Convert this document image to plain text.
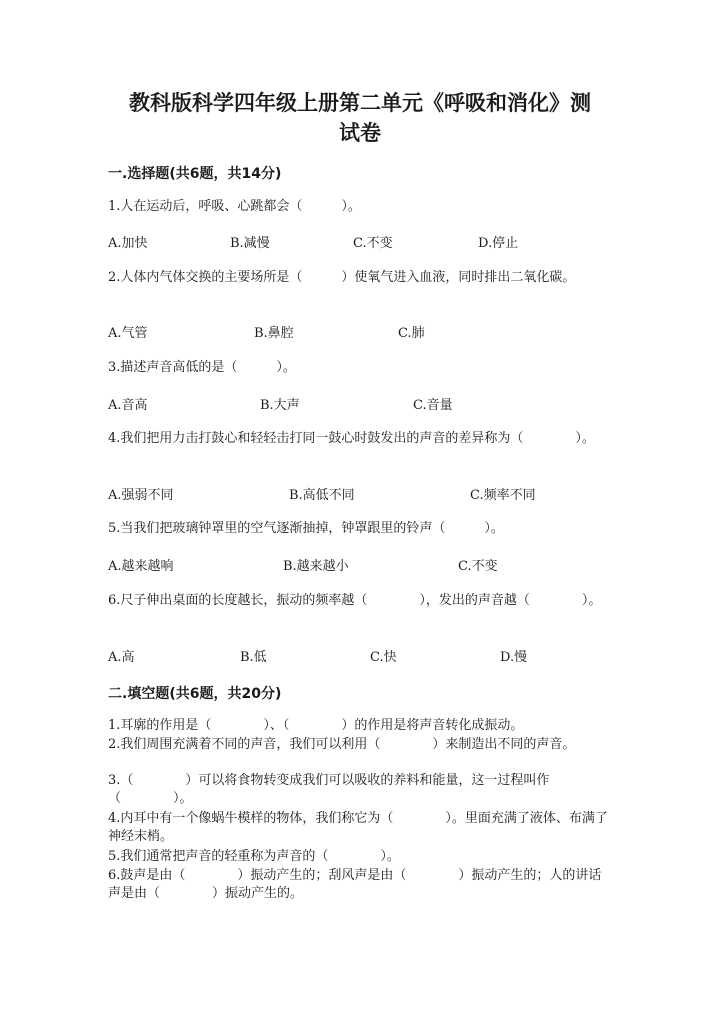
教科版科学四年级上册第二单元《呼吸和消化》测
试卷
一.选择题(共6题，共14分)
1.人在运动后，呼吸、心跳都会（　　　）。
A.加快	B.减慢	C.不变	D.停止
2.人体内气体交换的主要场所是（　　　）使氧气进入血液，同时排出二氧化碳。
A.气管	B.鼻腔	C.肺
3.描述声音高低的是（　　　）。
A.音高	B.大声	C.音量
4.我们把用力击打鼓心和轻轻击打同一鼓心时鼓发出的声音的差异称为（　　　　）。
A.强弱不同	B.高低不同	C.频率不同
5.当我们把玻璃钟罩里的空气逐渐抽掉，钟罩跟里的铃声（　　　）。
A.越来越响	B.越来越小	C.不变
6.尺子伸出桌面的长度越长，振动的频率越（　　　　），发出的声音越（　　　　）。
A.高	B.低	C.快	D.慢
二.填空题(共6题，共20分)
1.耳廓的作用是（　　　　）、（　　　　）的作用是将声音转化成振动。
2.我们周围充满着不同的声音，我们可以利用（　　　　）来制造出不同的声音。
3.（　　　　）可以将食物转变成我们可以吸收的养料和能量，这一过程叫作（　　　　）。
4.内耳中有一个像蜗牛模样的物体，我们称它为（　　　　）。里面充满了液体、布满了神经末梢。
5.我们通常把声音的轻重称为声音的（　　　　）。
6.鼓声是由（　　　　）振动产生的；刮风声是由（　　　　）振动产生的；人的讲话声是由（　　　　）振动产生的。
